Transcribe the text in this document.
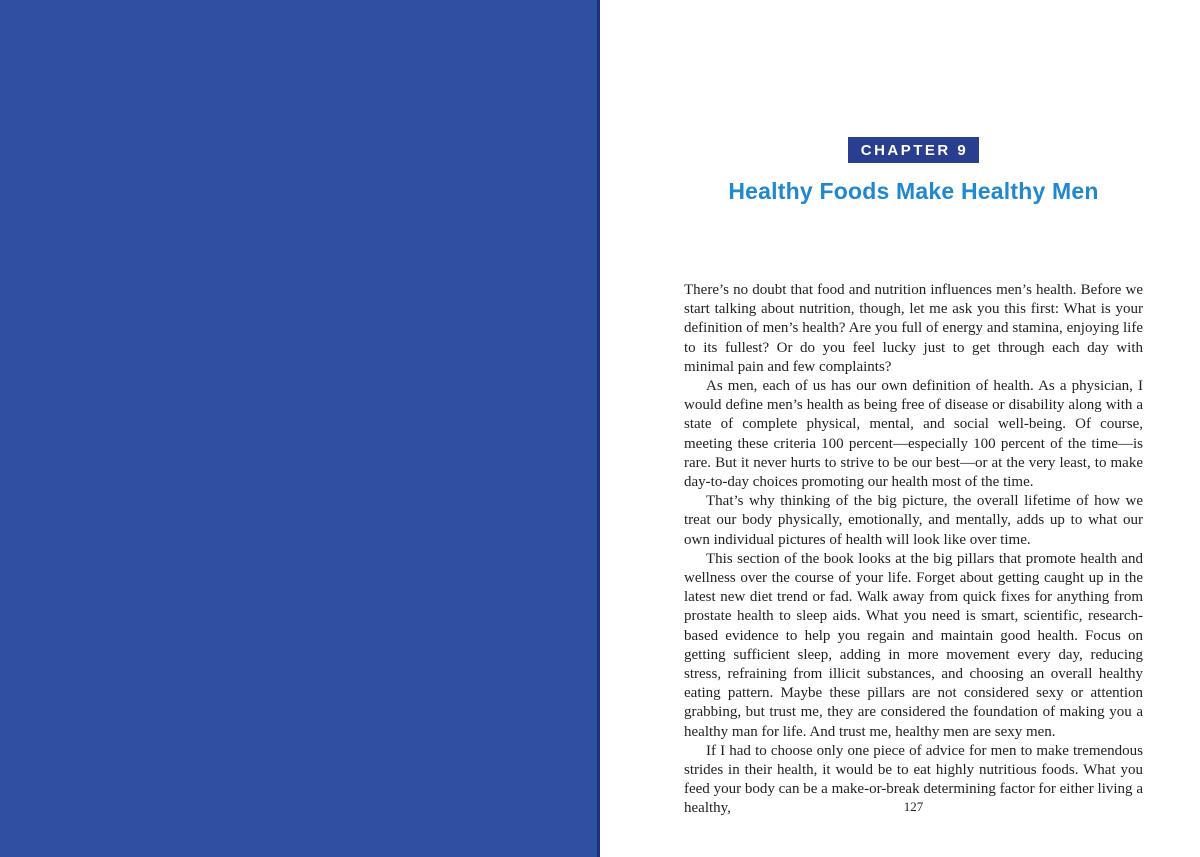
CHAPTER 9
Healthy Foods Make Healthy Men

There’s no doubt that food and nutrition influences men’s health. Before we start talking about nutrition, though, let me ask you this first: What is your definition of men’s health? Are you full of energy and stamina, enjoying life to its fullest? Or do you feel lucky just to get through each day with minimal pain and few complaints?

As men, each of us has our own definition of health. As a physician, I would define men’s health as being free of disease or disability along with a state of complete physical, mental, and social well-being. Of course, meeting these criteria 100 percent—especially 100 percent of the time—is rare. But it never hurts to strive to be our best—or at the very least, to make day-to-day choices promoting our health most of the time.

That’s why thinking of the big picture, the overall lifetime of how we treat our body physically, emotionally, and mentally, adds up to what our own individual pictures of health will look like over time.

This section of the book looks at the big pillars that promote health and wellness over the course of your life. Forget about getting caught up in the latest new diet trend or fad. Walk away from quick fixes for anything from prostate health to sleep aids. What you need is smart, scientific, research-based evidence to help you regain and maintain good health. Focus on getting sufficient sleep, adding in more movement every day, reducing stress, refraining from illicit substances, and choosing an overall healthy eating pattern. Maybe these pillars are not considered sexy or attention grabbing, but trust me, they are considered the foundation of making you a healthy man for life. And trust me, healthy men are sexy men.

If I had to choose only one piece of advice for men to make tremendous strides in their health, it would be to eat highly nutritious foods. What you feed your body can be a make-or-break determining factor for either living a healthy,	127
